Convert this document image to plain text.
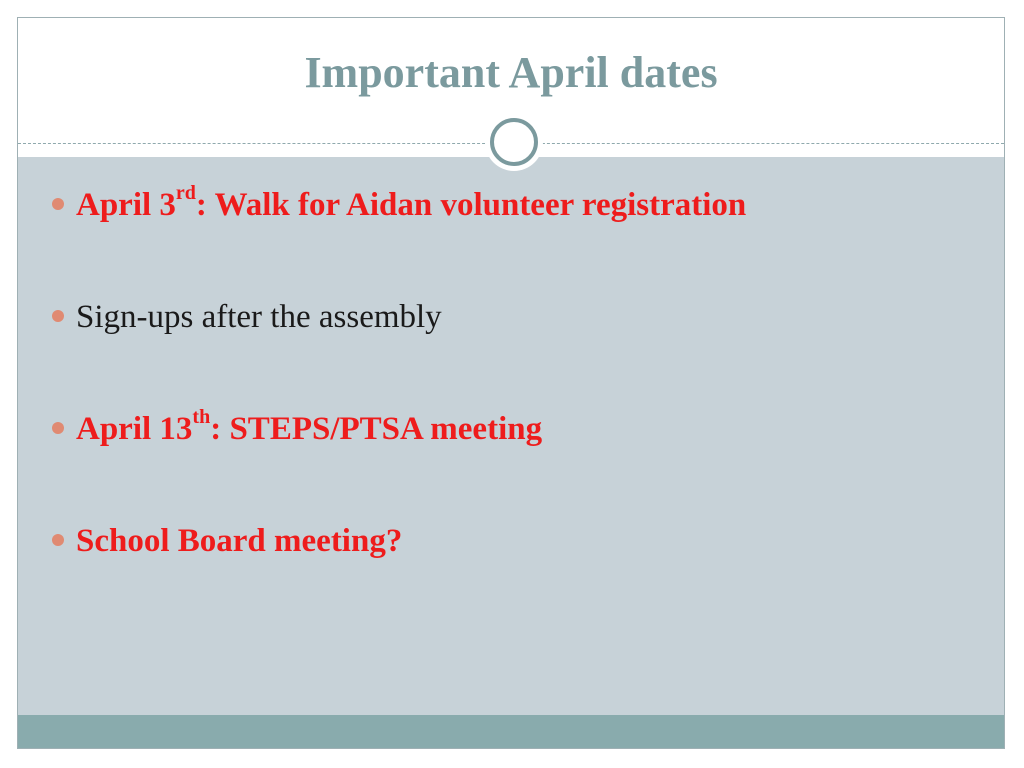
Important April dates
April 3rd: Walk for Aidan volunteer registration
Sign-ups after the assembly
April 13th: STEPS/PTSA meeting
School Board meeting?
